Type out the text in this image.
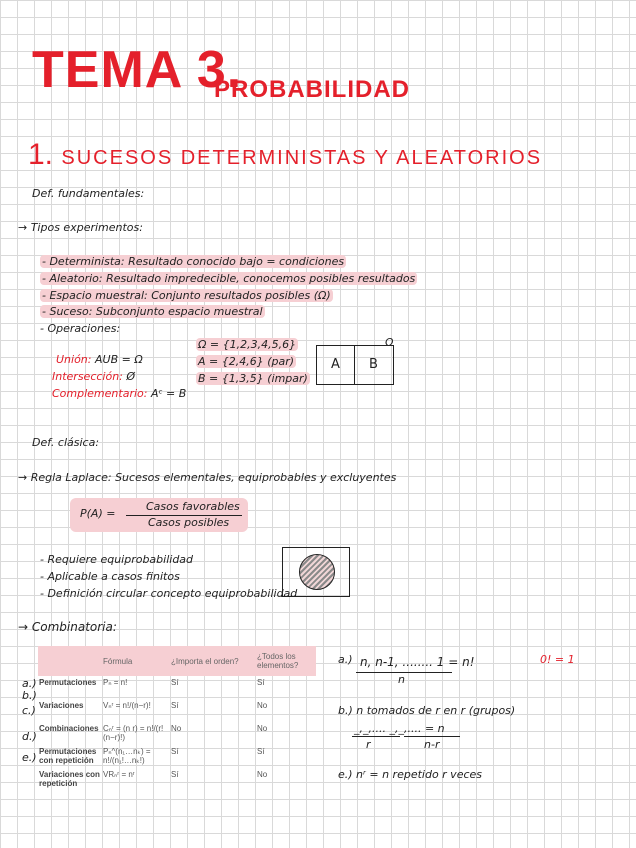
TEMA 3.
PROBABILIDAD
1. SUCESOS DETERMINISTAS Y ALEATORIOS
Def. fundamentales:
→ Tipos experimentos:
- Determinista: Resultado conocido bajo = condiciones
- Aleatorio: Resultado impredecible, conocemos posibles resultados
- Espacio muestral: Conjunto resultados posibles (Ω)
- Suceso: Subconjunto espacio muestral
- Operaciones:
Unión: AUB = Ω
Intersección: Ø
Complementario: Aᶜ = B
Ω = {1,2,3,4,5,6}
A = {2,4,6} (par)
B = {1,3,5} (impar)
A	B
Ω
Def. clásica:
→ Regla Laplace: Sucesos elementales, equiprobables y excluyentes
P(A) =
Casos favorables
Casos posibles
- Requiere equiprobabilidad
- Aplicable a casos finitos
- Definición circular concepto equiprobabilidad
→ Combinatoria:
	Fórmula	¿Importa el orden?	¿Todos los elementos?
Permutaciones	Pₙ = n!	Sí	Sí
Variaciones	Vₙʳ = n!/(n−r)!	Sí	No
Combinaciones	Cₙʳ = (n r) = n!/(r!(n−r)!)	No	No
Permutaciones con repetición	Pₙ^(n₁…nₖ) = n!/(n₁!…nₖ!)	Sí	Sí
Variaciones con repetición	VRₙʳ = nʳ	Sí	No
a.)
b.)
c.)
d.)
e.)
a.) n, n-1, ........ 1 = n!
n
0! = 1
b.) n tomados de r en r (grupos)
_,_,.... _,_,.... = n
r	n-r
e.) nʳ = n repetido r veces
